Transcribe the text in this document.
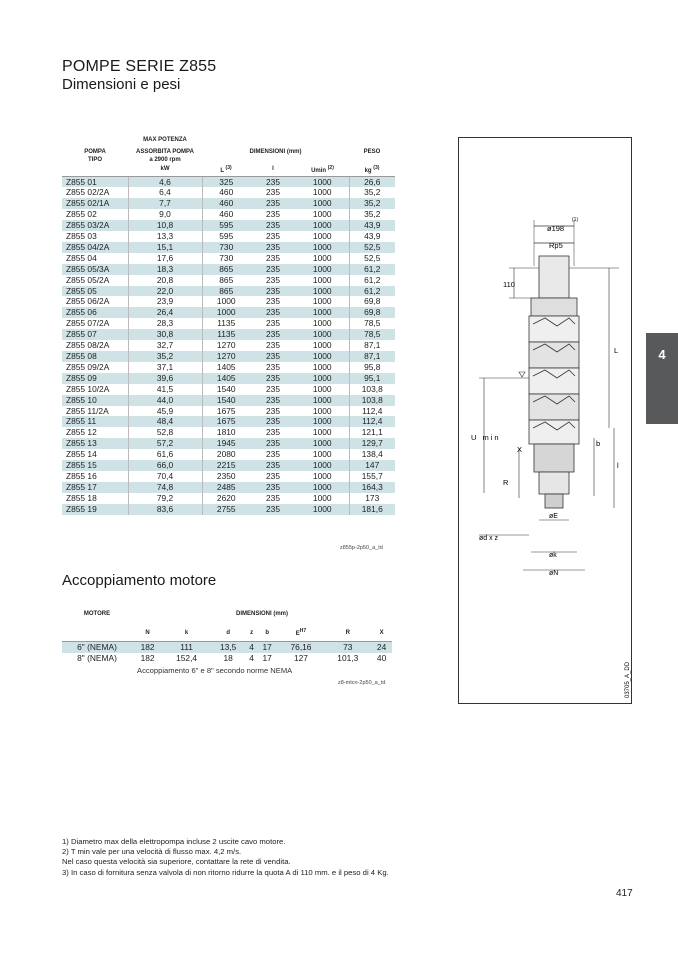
POMPE SERIE Z855
Dimensioni e pesi
	MAX POTENZA				
POMPA	ASSORBITA POMPA	DIMENSIONI (mm)			PESO
TIPO	a 2900 rpm				
	kW	L $^{(3)}$	l	Umin $^{(2)}$	kg $^{(3)}$
Z855 01	4,6	325	235	1000	26,6
Z855 02/2A	6,4	460	235	1000	35,2
Z855 02/1A	7,7	460	235	1000	35,2
Z855 02	9,0	460	235	1000	35,2
Z855 03/2A	10,8	595	235	1000	43,9
Z855 03	13,3	595	235	1000	43,9
Z855 04/2A	15,1	730	235	1000	52,5
Z855 04	17,6	730	235	1000	52,5
Z855 05/3A	18,3	865	235	1000	61,2
Z855 05/2A	20,8	865	235	1000	61,2
Z855 05	22,0	865	235	1000	61,2
Z855 06/2A	23,9	1000	235	1000	69,8
Z855 06	26,4	1000	235	1000	69,8
Z855 07/2A	28,3	1135	235	1000	78,5
Z855 07	30,8	1135	235	1000	78,5
Z855 08/2A	32,7	1270	235	1000	87,1
Z855 08	35,2	1270	235	1000	87,1
Z855 09/2A	37,1	1405	235	1000	95,8
Z855 09	39,6	1405	235	1000	95,1
Z855 10/2A	41,5	1540	235	1000	103,8
Z855 10	44,0	1540	235	1000	103,8
Z855 11/2A	45,9	1675	235	1000	112,4
Z855 11	48,4	1675	235	1000	112,4
Z855 12	52,8	1810	235	1000	121,1
Z855 13	57,2	1945	235	1000	129,7
Z855 14	61,6	2080	235	1000	138,4
Z855 15	66,0	2215	235	1000	147
Z855 16	70,4	2350	235	1000	155,7
Z855 17	74,8	2485	235	1000	164,3
Z855 18	79,2	2620	235	1000	173
Z855 19	83,6	2755	235	1000	181,6
z855p-2p50_a_td
Accoppiamento motore
MOTORE	DIMENSIONI (mm)							
	N	k	d	z	b	$E^{H7}$	R	X
6" (NEMA)	182	111	13,5	4	17	76,16	73	24
8" (NEMA)	182	152,4	18	4	17	127	101,3	40
Accoppiamento 6" e 8" secondo norme NEMA
z8-mtcn-2p50_a_td
ø198
(1)
Rp5
110
L
U min
X
l
b
R
øE
ød x z
øk
øN
03705_A_DD
4
1) Diametro max della elettropompa incluse 2 uscite cavo motore.
2) T min vale per una velocità di flusso max. 4,2 m/s.
Nel caso questa velocità sia superiore, contattare la rete di vendita.
3) In caso di fornitura senza valvola di non ritorno ridurre la quota A di 110 mm. e il peso di 4 Kg.
417
